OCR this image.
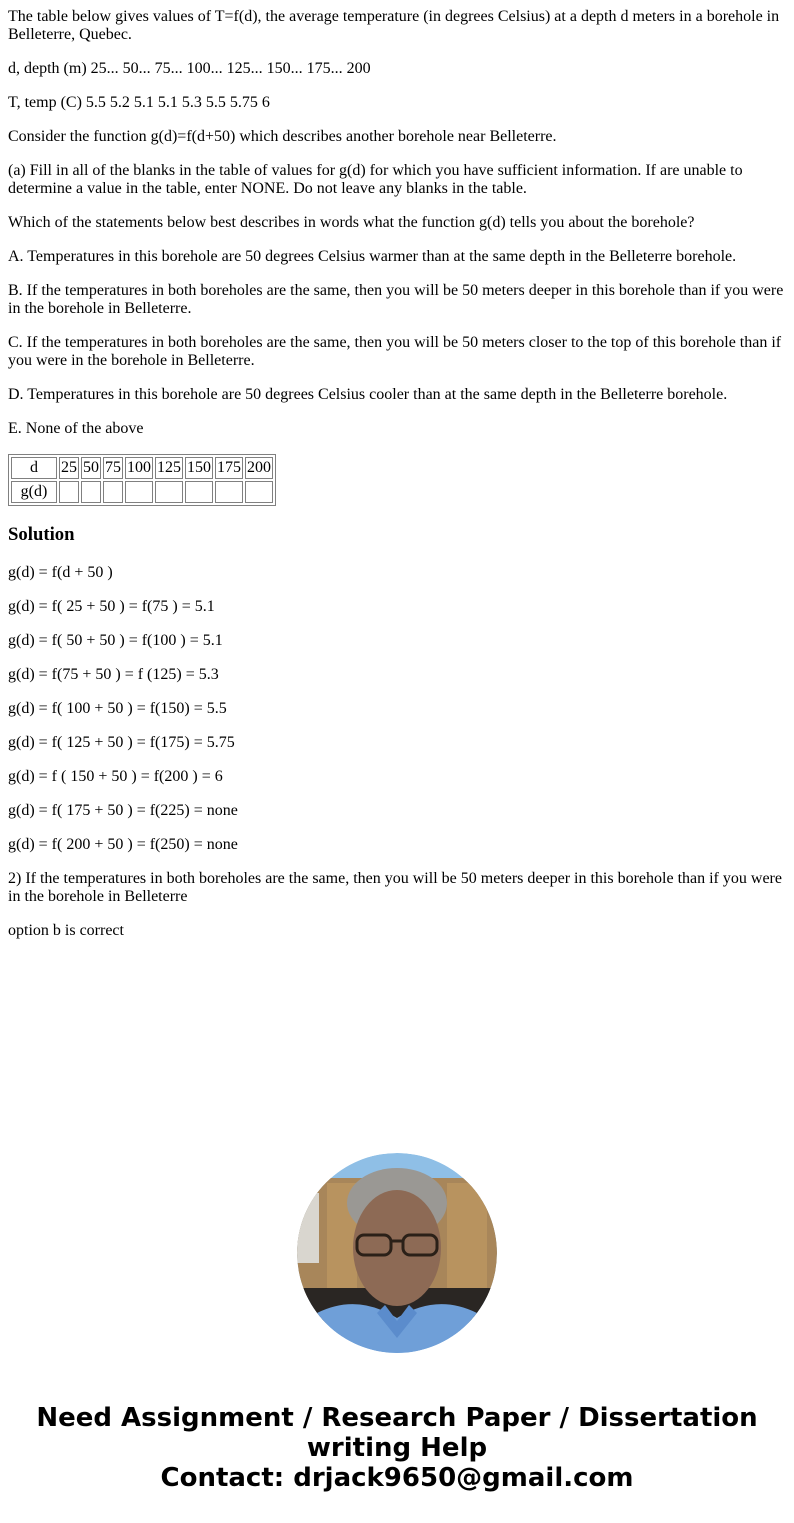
The table below gives values of T=f(d), the average temperature (in degrees Celsius) at a depth d meters in a borehole in Belleterre, Quebec.

d, depth (m) 25... 50... 75... 100... 125... 150... 175... 200

T, temp (C) 5.5 5.2 5.1 5.1 5.3 5.5 5.75 6

Consider the function g(d)=f(d+50) which describes another borehole near Belleterre.

(a) Fill in all of the blanks in the table of values for g(d) for which you have sufficient information. If are unable to determine a value in the table, enter NONE. Do not leave any blanks in the table.

Which of the statements below best describes in words what the function g(d) tells you about the borehole?

A. Temperatures in this borehole are 50 degrees Celsius warmer than at the same depth in the Belleterre borehole.

B. If the temperatures in both boreholes are the same, then you will be 50 meters deeper in this borehole than if you were in the borehole in Belleterre.

C. If the temperatures in both boreholes are the same, then you will be 50 meters closer to the top of this borehole than if you were in the borehole in Belleterre.

D. Temperatures in this borehole are 50 degrees Celsius cooler than at the same depth in the Belleterre borehole.

E. None of the above

d	25	50	75	100	125	150	175	200
g(d)								
Solution

g(d) = f(d + 50 )

g(d) = f( 25 + 50 ) = f(75 ) = 5.1

g(d) = f( 50 + 50 ) = f(100 ) = 5.1

g(d) = f(75 + 50 ) = f (125) = 5.3

g(d) = f( 100 + 50 ) = f(150) = 5.5

g(d) = f( 125 + 50 ) = f(175) = 5.75

g(d) = f ( 150 + 50 ) = f(200 ) = 6

g(d) = f( 175 + 50 ) = f(225) = none

g(d) = f( 200 + 50 ) = f(250) = none

2) If the temperatures in both boreholes are the same, then you will be 50 meters deeper in this borehole than if you were in the borehole in Belleterre

option b is correct

Need Assignment / Research Paper / Dissertation writing Help
Contact: drjack9650@gmail.com
